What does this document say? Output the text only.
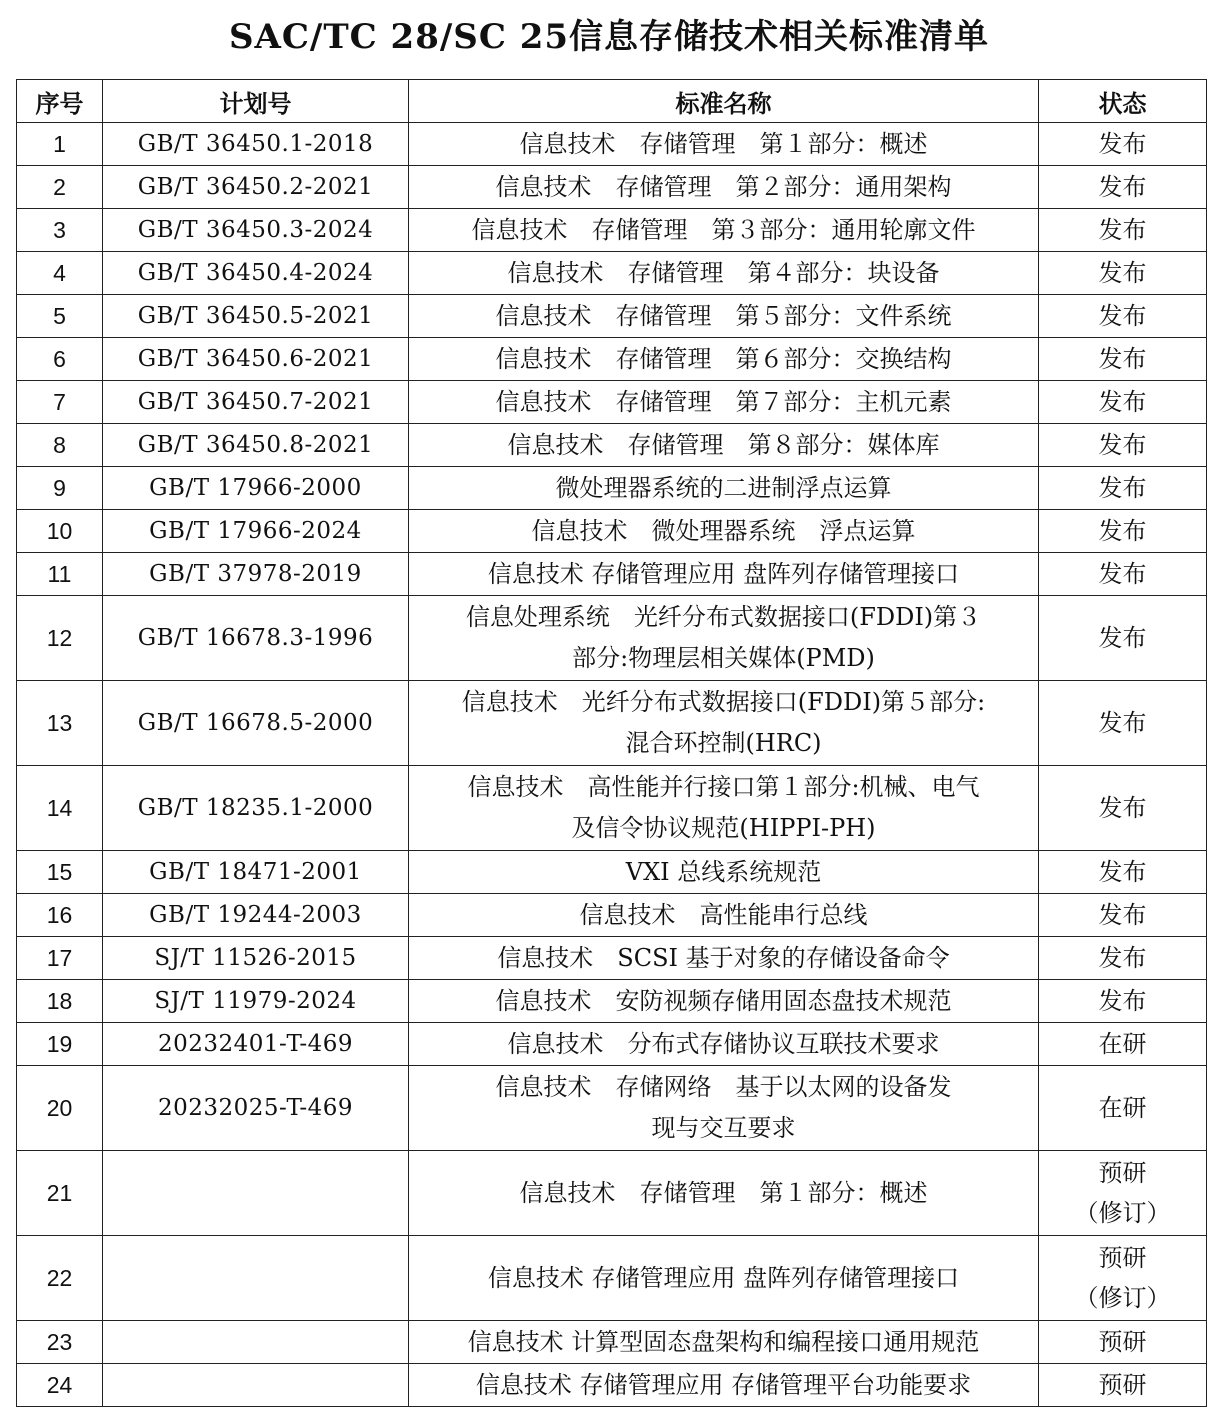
SAC/TC 28/SC 25信息存储技术相关标准清单
序号	计划号	标准名称	状态
1	GB/T 36450.1-2018	信息技术　存储管理　第１部分：概述	发布
2	GB/T 36450.2-2021	信息技术　存储管理　第２部分：通用架构	发布
3	GB/T 36450.3-2024	信息技术　存储管理　第３部分：通用轮廓文件	发布
4	GB/T 36450.4-2024	信息技术　存储管理　第４部分：块设备	发布
5	GB/T 36450.5-2021	信息技术　存储管理　第５部分：文件系统	发布
6	GB/T 36450.6-2021	信息技术　存储管理　第６部分：交换结构	发布
7	GB/T 36450.7-2021	信息技术　存储管理　第７部分：主机元素	发布
8	GB/T 36450.8-2021	信息技术　存储管理　第８部分：媒体库	发布
9	GB/T 17966-2000	微处理器系统的二进制浮点运算	发布
10	GB/T 17966-2024	信息技术　微处理器系统　浮点运算	发布
11	GB/T 37978-2019	信息技术 存储管理应用 盘阵列存储管理接口	发布
12	GB/T 16678.3-1996	信息处理系统　光纤分布式数据接口(FDDI)第３
部分:物理层相关媒体(PMD)	发布
13	GB/T 16678.5-2000	信息技术　光纤分布式数据接口(FDDI)第５部分:
混合环控制(HRC)	发布
14	GB/T 18235.1-2000	信息技术　高性能并行接口第１部分:机械、电气
及信令协议规范(HIPPI-PH)	发布
15	GB/T 18471-2001	VXI 总线系统规范	发布
16	GB/T 19244-2003	信息技术　高性能串行总线	发布
17	SJ/T 11526-2015	信息技术　SCSI 基于对象的存储设备命令	发布
18	SJ/T 11979-2024	信息技术　安防视频存储用固态盘技术规范	发布
19	20232401-T-469	信息技术　分布式存储协议互联技术要求	在研
20	20232025-T-469	信息技术　存储网络　基于以太网的设备发
现与交互要求	在研
21		信息技术　存储管理　第１部分：概述	预研
（修订）
22		信息技术 存储管理应用 盘阵列存储管理接口	预研
（修订）
23		信息技术 计算型固态盘架构和编程接口通用规范	预研
24		信息技术 存储管理应用 存储管理平台功能要求	预研
